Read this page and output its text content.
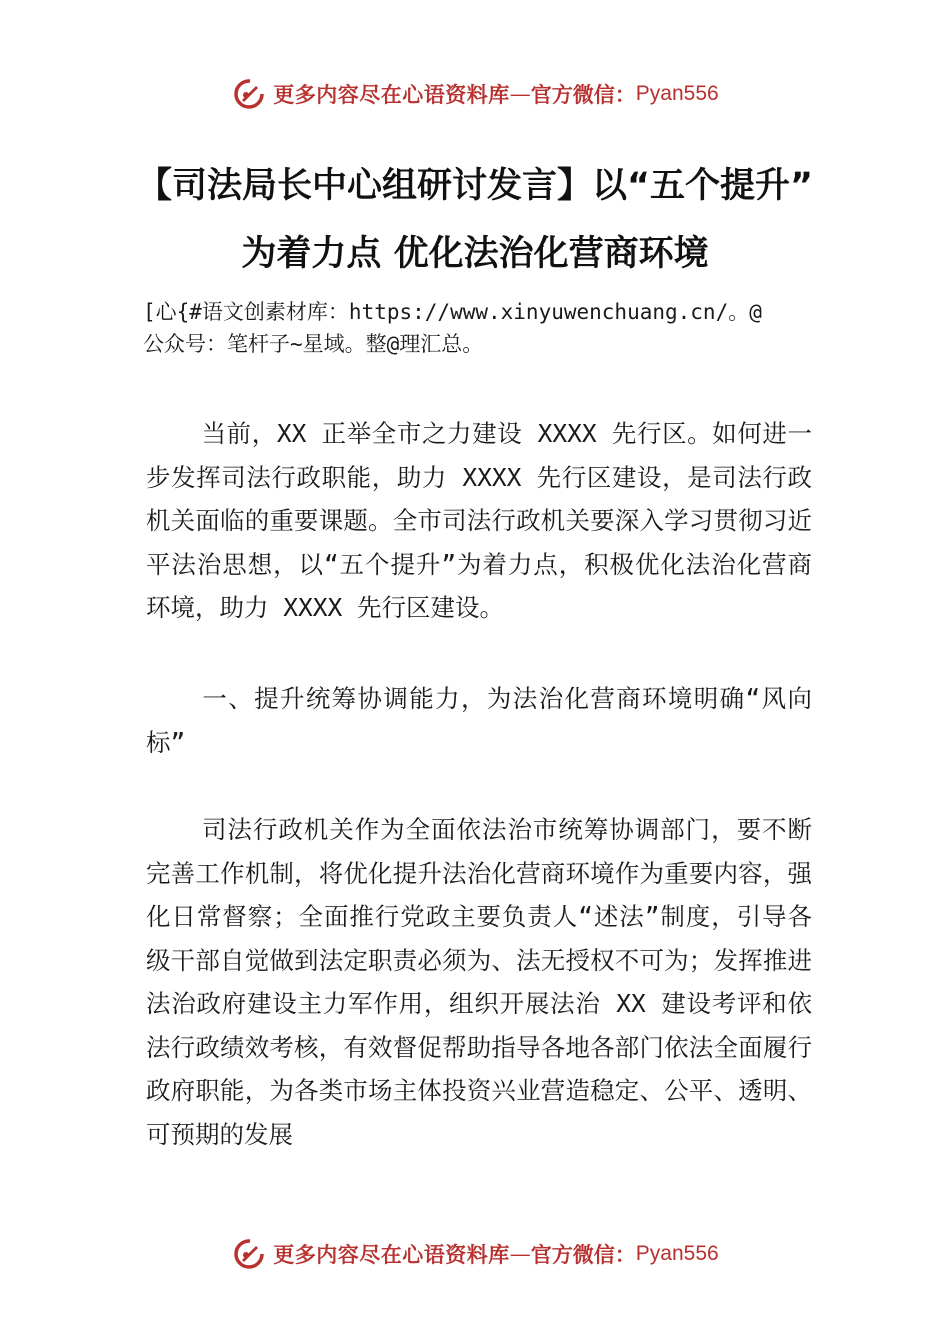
更多内容尽在心语资料库 — 官方微信： Pyan556
【司法局长中心组研讨发言】以“五个提升”
为着力点 优化法治化营商环境
[心{#语文创素材库：https://www.xinyuwenchuang.cn/。@
公众号：笔杆子~星域。整@理汇总。
当前，XX 正举全市之力建设 XXXX 先行区。如何进一步发挥司法行政职能，助力 XXXX 先行区建设，是司法行政机关面临的重要课题。全市司法行政机关要深入学习贯彻习近平法治思想，以“五个提升”为着力点，积极优化法治化营商环境，助力 XXXX 先行区建设。
一、提升统筹协调能力，为法治化营商环境明确“风向标”
司法行政机关作为全面依法治市统筹协调部门，要不断完善工作机制，将优化提升法治化营商环境作为重要内容，强化日常督察；全面推行党政主要负责人“述法”制度，引导各级干部自觉做到法定职责必须为、法无授权不可为；发挥推进法治政府建设主力军作用，组织开展法治 XX 建设考评和依法行政绩效考核，有效督促帮助指导各地各部门依法全面履行政府职能，为各类市场主体投资兴业营造稳定、公平、透明、可预期的发展
更多内容尽在心语资料库 — 官方微信： Pyan556
